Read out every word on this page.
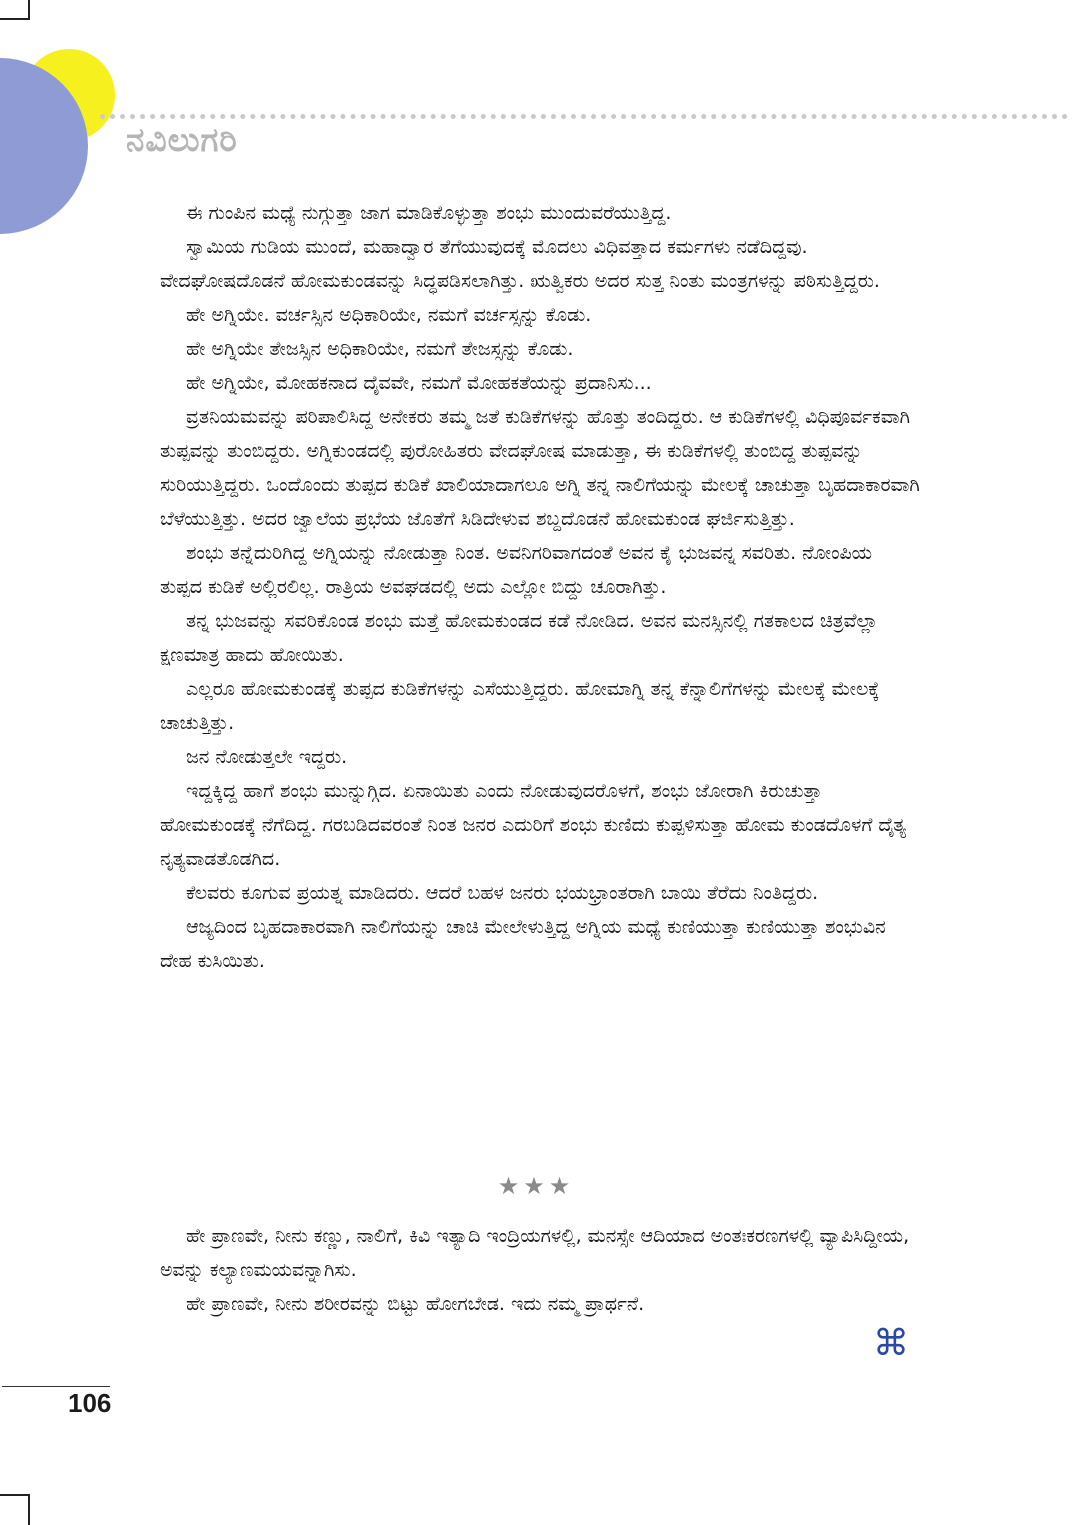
ನವಿಲುಗರಿ

ಈ ಗುಂಪಿನ ಮಧ್ಯೆ ನುಗ್ಗುತ್ತಾ ಜಾಗ ಮಾಡಿಕೊಳ್ಳುತ್ತಾ ಶಂಭು ಮುಂದುವರೆಯುತ್ತಿದ್ದ.

ಸ್ವಾಮಿಯ ಗುಡಿಯ ಮುಂದೆ, ಮಹಾದ್ವಾರ ತೆಗೆಯುವುದಕ್ಕೆ ಮೊದಲು ವಿಧಿವತ್ತಾದ ಕರ್ಮಗಳು ನಡೆದಿದ್ದವು. ವೇದಘೋಷದೊಡನೆ ಹೋಮಕುಂಡವನ್ನು ಸಿದ್ಧಪಡಿಸಲಾಗಿತ್ತು. ಋತ್ವಿಕರು ಅದರ ಸುತ್ತ ನಿಂತು ಮಂತ್ರಗಳನ್ನು ಪಠಿಸುತ್ತಿದ್ದರು.

ಹೇ ಅಗ್ನಿಯೇ. ವರ್ಚಸ್ಸಿನ ಅಧಿಕಾರಿಯೇ, ನಮಗೆ ವರ್ಚಸ್ಸನ್ನು ಕೊಡು.

ಹೇ ಅಗ್ನಿಯೇ ತೇಜಸ್ಸಿನ ಅಧಿಕಾರಿಯೇ, ನಮಗೆ ತೇಜಸ್ಸನ್ನು ಕೊಡು.

ಹೇ ಅಗ್ನಿಯೇ, ಮೋಹಕನಾದ ದೈವವೇ, ನಮಗೆ ಮೋಹಕತೆಯನ್ನು ಪ್ರದಾನಿಸು...

ವ್ರತನಿಯಮವನ್ನು ಪರಿಪಾಲಿಸಿದ್ದ ಅನೇಕರು ತಮ್ಮ ಜತೆ ಕುಡಿಕೆಗಳನ್ನು ಹೊತ್ತು ತಂದಿದ್ದರು. ಆ ಕುಡಿಕೆಗಳಲ್ಲಿ ವಿಧಿಪೂರ್ವಕವಾಗಿ ತುಪ್ಪವನ್ನು ತುಂಬಿದ್ದರು. ಅಗ್ನಿಕುಂಡದಲ್ಲಿ ಪುರೋಹಿತರು ವೇದಘೋಷ ಮಾಡುತ್ತಾ, ಈ ಕುಡಿಕೆಗಳಲ್ಲಿ ತುಂಬಿದ್ದ ತುಪ್ಪವನ್ನು ಸುರಿಯುತ್ತಿದ್ದರು. ಒಂದೊಂದು ತುಪ್ಪದ ಕುಡಿಕೆ ಖಾಲಿಯಾದಾಗಲೂ ಅಗ್ನಿ ತನ್ನ ನಾಲಿಗೆಯನ್ನು ಮೇಲಕ್ಕೆ ಚಾಚುತ್ತಾ ಬೃಹದಾಕಾರವಾಗಿ ಬೆಳೆಯುತ್ತಿತ್ತು. ಅದರ ಜ್ವಾಲೆಯ ಪ್ರಭೆಯ ಜೊತೆಗೆ ಸಿಡಿದೇಳುವ ಶಬ್ದದೊಡನೆ ಹೋಮಕುಂಡ ಘರ್ಜಿಸುತ್ತಿತ್ತು.

ಶಂಭು ತನ್ನೆದುರಿಗಿದ್ದ ಅಗ್ನಿಯನ್ನು ನೋಡುತ್ತಾ ನಿಂತ. ಅವನಿಗರಿವಾಗದಂತೆ ಅವನ ಕೈ ಭುಜವನ್ನ ಸವರಿತು. ನೋಂಪಿಯ ತುಪ್ಪದ ಕುಡಿಕೆ ಅಲ್ಲಿರಲಿಲ್ಲ. ರಾತ್ರಿಯ ಅವಘಡದಲ್ಲಿ ಅದು ಎಲ್ಲೋ ಬಿದ್ದು ಚೂರಾಗಿತ್ತು.

ತನ್ನ ಭುಜವನ್ನು ಸವರಿಕೊಂಡ ಶಂಭು ಮತ್ತೆ ಹೋಮಕುಂಡದ ಕಡೆ ನೋಡಿದ. ಅವನ ಮನಸ್ಸಿನಲ್ಲಿ ಗತಕಾಲದ ಚಿತ್ರವೆಲ್ಲಾ ಕ್ಷಣಮಾತ್ರ ಹಾದು ಹೋಯಿತು.

ಎಲ್ಲರೂ ಹೋಮಕುಂಡಕ್ಕೆ ತುಪ್ಪದ ಕುಡಿಕೆಗಳನ್ನು ಎಸೆಯುತ್ತಿದ್ದರು. ಹೋಮಾಗ್ನಿ ತನ್ನ ಕೆನ್ನಾಲಿಗೆಗಳನ್ನು ಮೇಲಕ್ಕೆ ಮೇಲಕ್ಕೆ ಚಾಚುತ್ತಿತ್ತು.

ಜನ ನೋಡುತ್ತಲೇ ಇದ್ದರು.

ಇದ್ದಕ್ಕಿದ್ದ ಹಾಗೆ ಶಂಭು ಮುನ್ನುಗ್ಗಿದ. ಏನಾಯಿತು ಎಂದು ನೋಡುವುದರೊಳಗೆ, ಶಂಭು ಜೋರಾಗಿ ಕಿರುಚುತ್ತಾ ಹೋಮಕುಂಡಕ್ಕೆ ನೆಗೆದಿದ್ದ. ಗರಬಡಿದವರಂತೆ ನಿಂತ ಜನರ ಎದುರಿಗೆ ಶಂಭು ಕುಣಿದು ಕುಪ್ಪಳಿಸುತ್ತಾ ಹೋಮ ಕುಂಡದೊಳಗೆ ದೈತ್ಯ ನೃತ್ಯವಾಡತೊಡಗಿದ.

ಕೆಲವರು ಕೂಗುವ ಪ್ರಯತ್ನ ಮಾಡಿದರು. ಆದರೆ ಬಹಳ ಜನರು ಭಯಭ್ರಾಂತರಾಗಿ ಬಾಯಿ ತೆರೆದು ನಿಂತಿದ್ದರು.

ಆಜ್ಯದಿಂದ ಬೃಹದಾಕಾರವಾಗಿ ನಾಲಿಗೆಯನ್ನು ಚಾಚಿ ಮೇಲೇಳುತ್ತಿದ್ದ ಅಗ್ನಿಯ ಮಧ್ಯೆ ಕುಣಿಯುತ್ತಾ ಕುಣಿಯುತ್ತಾ ಶಂಭುವಿನ ದೇಹ ಕುಸಿಯಿತು.

★★★

ಹೇ ಪ್ರಾಣವೇ, ನೀನು ಕಣ್ಣು, ನಾಲಿಗೆ, ಕಿವಿ ಇತ್ಯಾದಿ ಇಂದ್ರಿಯಗಳಲ್ಲಿ, ಮನಸ್ಸೇ ಆದಿಯಾದ ಅಂತಃಕರಣಗಳಲ್ಲಿ ವ್ಯಾಪಿಸಿದ್ದೀಯ, ಅವನ್ನು ಕಲ್ಯಾಣಮಯವನ್ನಾಗಿಸು.

ಹೇ ಪ್ರಾಣವೇ, ನೀನು ಶರೀರವನ್ನು ಬಿಟ್ಟು ಹೋಗಬೇಡ. ಇದು ನಮ್ಮ ಪ್ರಾರ್ಥನೆ.

⌘
106
